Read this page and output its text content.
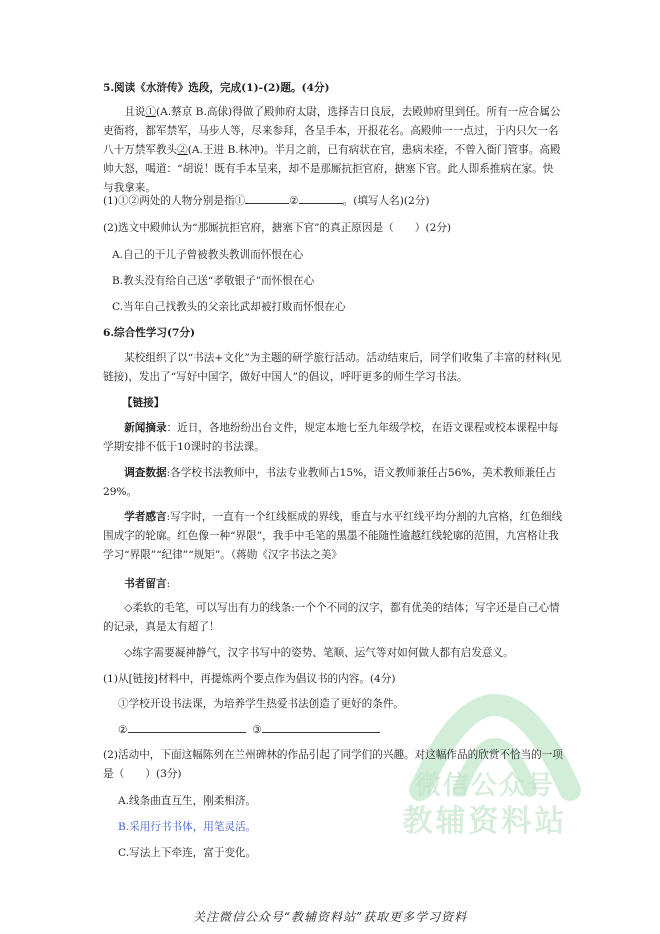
5.阅读《水浒传》选段，完成(1)-(2)题。(4分)

且说①(A.蔡京 B.高俅)得做了殿帅府太尉，选择吉日良辰，去殿帅府里到任。所有一应合属公吏衙将，都军禁军，马步人等，尽来参拜，各呈手本，开报花名。高殿帅一一点过，于内只欠一名八十万禁军教头②(A.王进 B.林冲)。半月之前，已有病状在官，患病未痊，不曾入衙门管事。高殿帅大怒，喝道：“胡说！既有手本呈来，却不是那厮抗拒官府，搪塞下官。此人即系推病在家。快与我拿来。

(1)①②两处的人物分别是指①	②	。(填写人名)(2分)
(2)选文中殿帅认为“那厮抗拒官府，搪塞下官”的真正原因是（　　）(2分)
A.自己的干儿子曾被教头教训而怀恨在心
B.教头没有给自己送“孝敬银子”而怀恨在心
C.当年自己找教头的父亲比武却被打败而怀恨在心
6.综合性学习(7分)

某校组织了以“书法+文化”为主题的研学旅行活动。活动结束后，同学们收集了丰富的材料(见链接)，发出了“写好中国字，做好中国人”的倡议，呼吁更多的师生学习书法。

【链接】

新闻摘录：近日，各地纷纷出台文件，规定本地七至九年级学校，在语文课程或校本课程中每学期安排不低于10课时的书法课。

调查数据:各学校书法教师中，书法专业教师占15%，语文教师兼任占56%，美术教师兼任占29%。

学者感言:写字时，一直有一个红线框成的界线，垂直与水平红线平均分割的九宫格，红色细线围成字的轮廓。红色像一种“界限”，我手中毛笔的黑墨不能随性逾越红线轮廓的范围，九宫格让我学习“界限”“纪律”“规矩”。（蒋勋《汉字书法之美》

书者留言:

◇柔软的毛笔，可以写出有力的线条:一个个不同的汉字，都有优美的结体；写字还是自己心情的记录，真是太有超了！

◇练字需要凝神静气，汉字书写中的姿势、笔顺、运气等对如何做人都有启发意义。

(1)从[链接]材料中，再提炼两个要点作为倡议书的内容。(4分)
①学校开设书法课，为培养学生热爱书法创造了更好的条件。
②	③

(2)活动中，下面这幅陈列在兰州碑林的作品引起了同学们的兴趣。对这幅作品的欣赏不恰当的一项是（　　）(3分)

A.线条曲直互生，刚柔相济。
B.采用行书书体，用笔灵活。
C.写法上下牵连，富于变化。
微信公众号
教辅资料站
关注微信公众号“教辅资料站”获取更多学习资料
